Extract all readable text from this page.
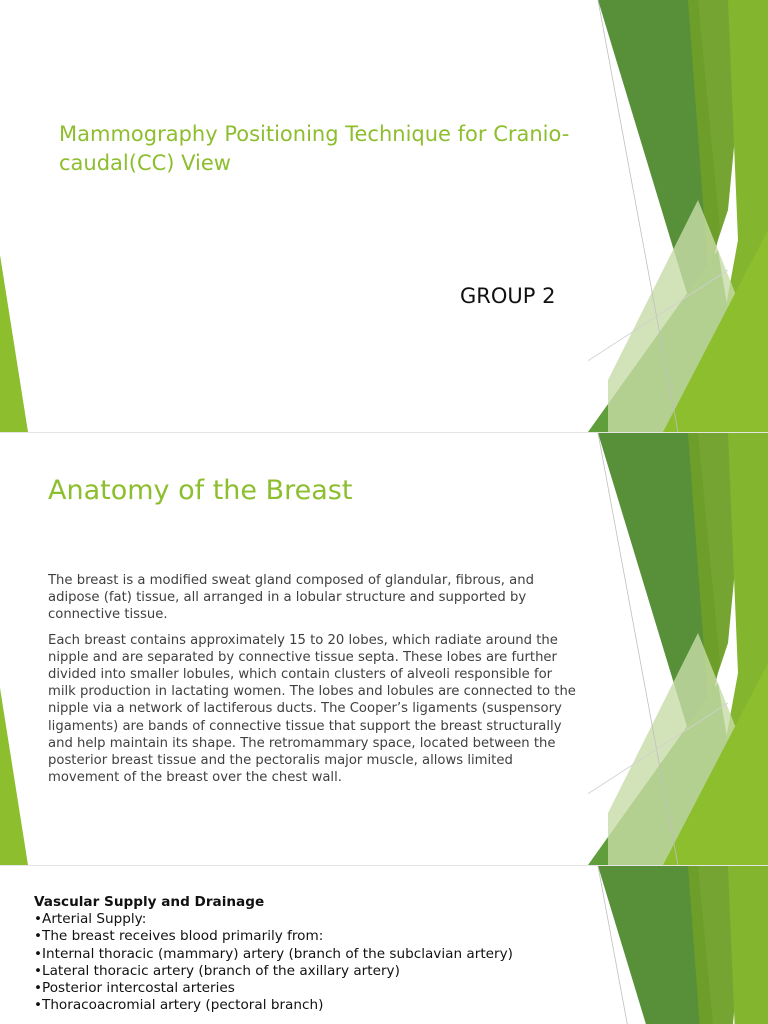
Mammography Positioning Technique for Cranio-caudal(CC) View
GROUP 2
Anatomy of the Breast

The breast is a modified sweat gland composed of glandular, fibrous, and adipose (fat) tissue, all arranged in a lobular structure and supported by connective tissue.

Each breast contains approximately 15 to 20 lobes, which radiate around the nipple and are separated by connective tissue septa. These lobes are further divided into smaller lobules, which contain clusters of alveoli responsible for milk production in lactating women. The lobes and lobules are connected to the nipple via a network of lactiferous ducts. The Cooper’s ligaments (suspensory ligaments) are bands of connective tissue that support the breast structurally and help maintain its shape. The retromammary space, located between the posterior breast tissue and the pectoralis major muscle, allows limited movement of the breast over the chest wall.

Vascular Supply and Drainage
•Arterial Supply:
•The breast receives blood primarily from:
•Internal thoracic (mammary) artery (branch of the subclavian artery)
•Lateral thoracic artery (branch of the axillary artery)
•Posterior intercostal arteries
•Thoracoacromial artery (pectoral branch)
